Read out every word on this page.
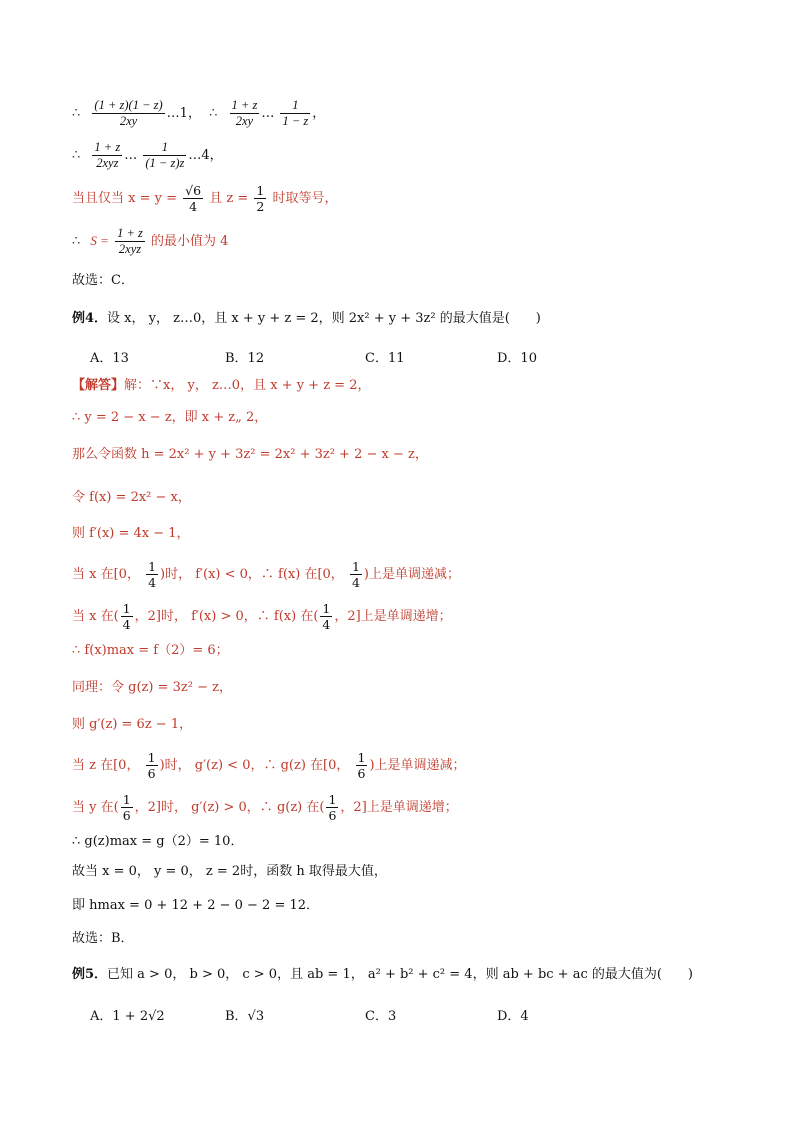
∴ $\frac{(1 + z)(1 - z)}{2xy}$ …1， ∴ $\frac{1 + z}{2xy}$ … $\frac{1}{1 - z}$ ，
∴ $\frac{1 + z}{\text{2xyz}}$ … $\frac{1}{(1 - z)z}$ …4，
当且仅当 $x = y = \frac{√6}{4}$ 且 $z = \frac{1}{2}$ 时取等号，
∴ $S = \frac{1 + z}{\text{2xyz}}$ 的最小值为 4
故选：C．
例4．设 x， y， z…0，且 x + y + z = 2，则 2x² + y + 3z² 的最大值是(　　)
A．13	B．12	C．11	D．10
【解答】解：∵x， y， z…0，且 x + y + z = 2，
∴ y = 2 − x − z，即 x + z„ 2，
那么令函数 h = 2x² + y + 3z² = 2x² + 3z² + 2 − x − z，
令 f(x) = 2x² − x，
则 f′(x) = 4x − 1，
当 x 在[0， $\frac{1}{4}$ )时， f′(x) < 0，∴ f(x) 在[0， $\frac{1}{4}$ )上是单调递减；
当 x 在( $\frac{1}{4}$ ，2]时， f′(x) > 0，∴ f(x) 在( $\frac{1}{4}$ ，2]上是单调递增；
∴ f(x)max = f（2）= 6；
同理：令 g(z) = 3z² − z，
则 g′(z) = 6z − 1，
当 z 在[0， $\frac{1}{6}$ )时， g′(z) < 0，∴ g(z) 在[0， $\frac{1}{6}$ )上是单调递减；
当 y 在( $\frac{1}{6}$ ，2]时， g′(z) > 0，∴ g(z) 在( $\frac{1}{6}$ ，2]上是单调递增；
∴ g(z)max = g（2）= 10．
故当 x = 0， y = 0， z = 2时，函数 h 取得最大值，
即 hmax = 0 + 12 + 2 − 0 − 2 = 12．
故选：B．
例5．已知 a > 0， b > 0， c > 0，且 ab = 1， a² + b² + c² = 4，则 ab + bc + ac 的最大值为(　　)
A．1 + 2√2	B．√3	C．3	D．4
